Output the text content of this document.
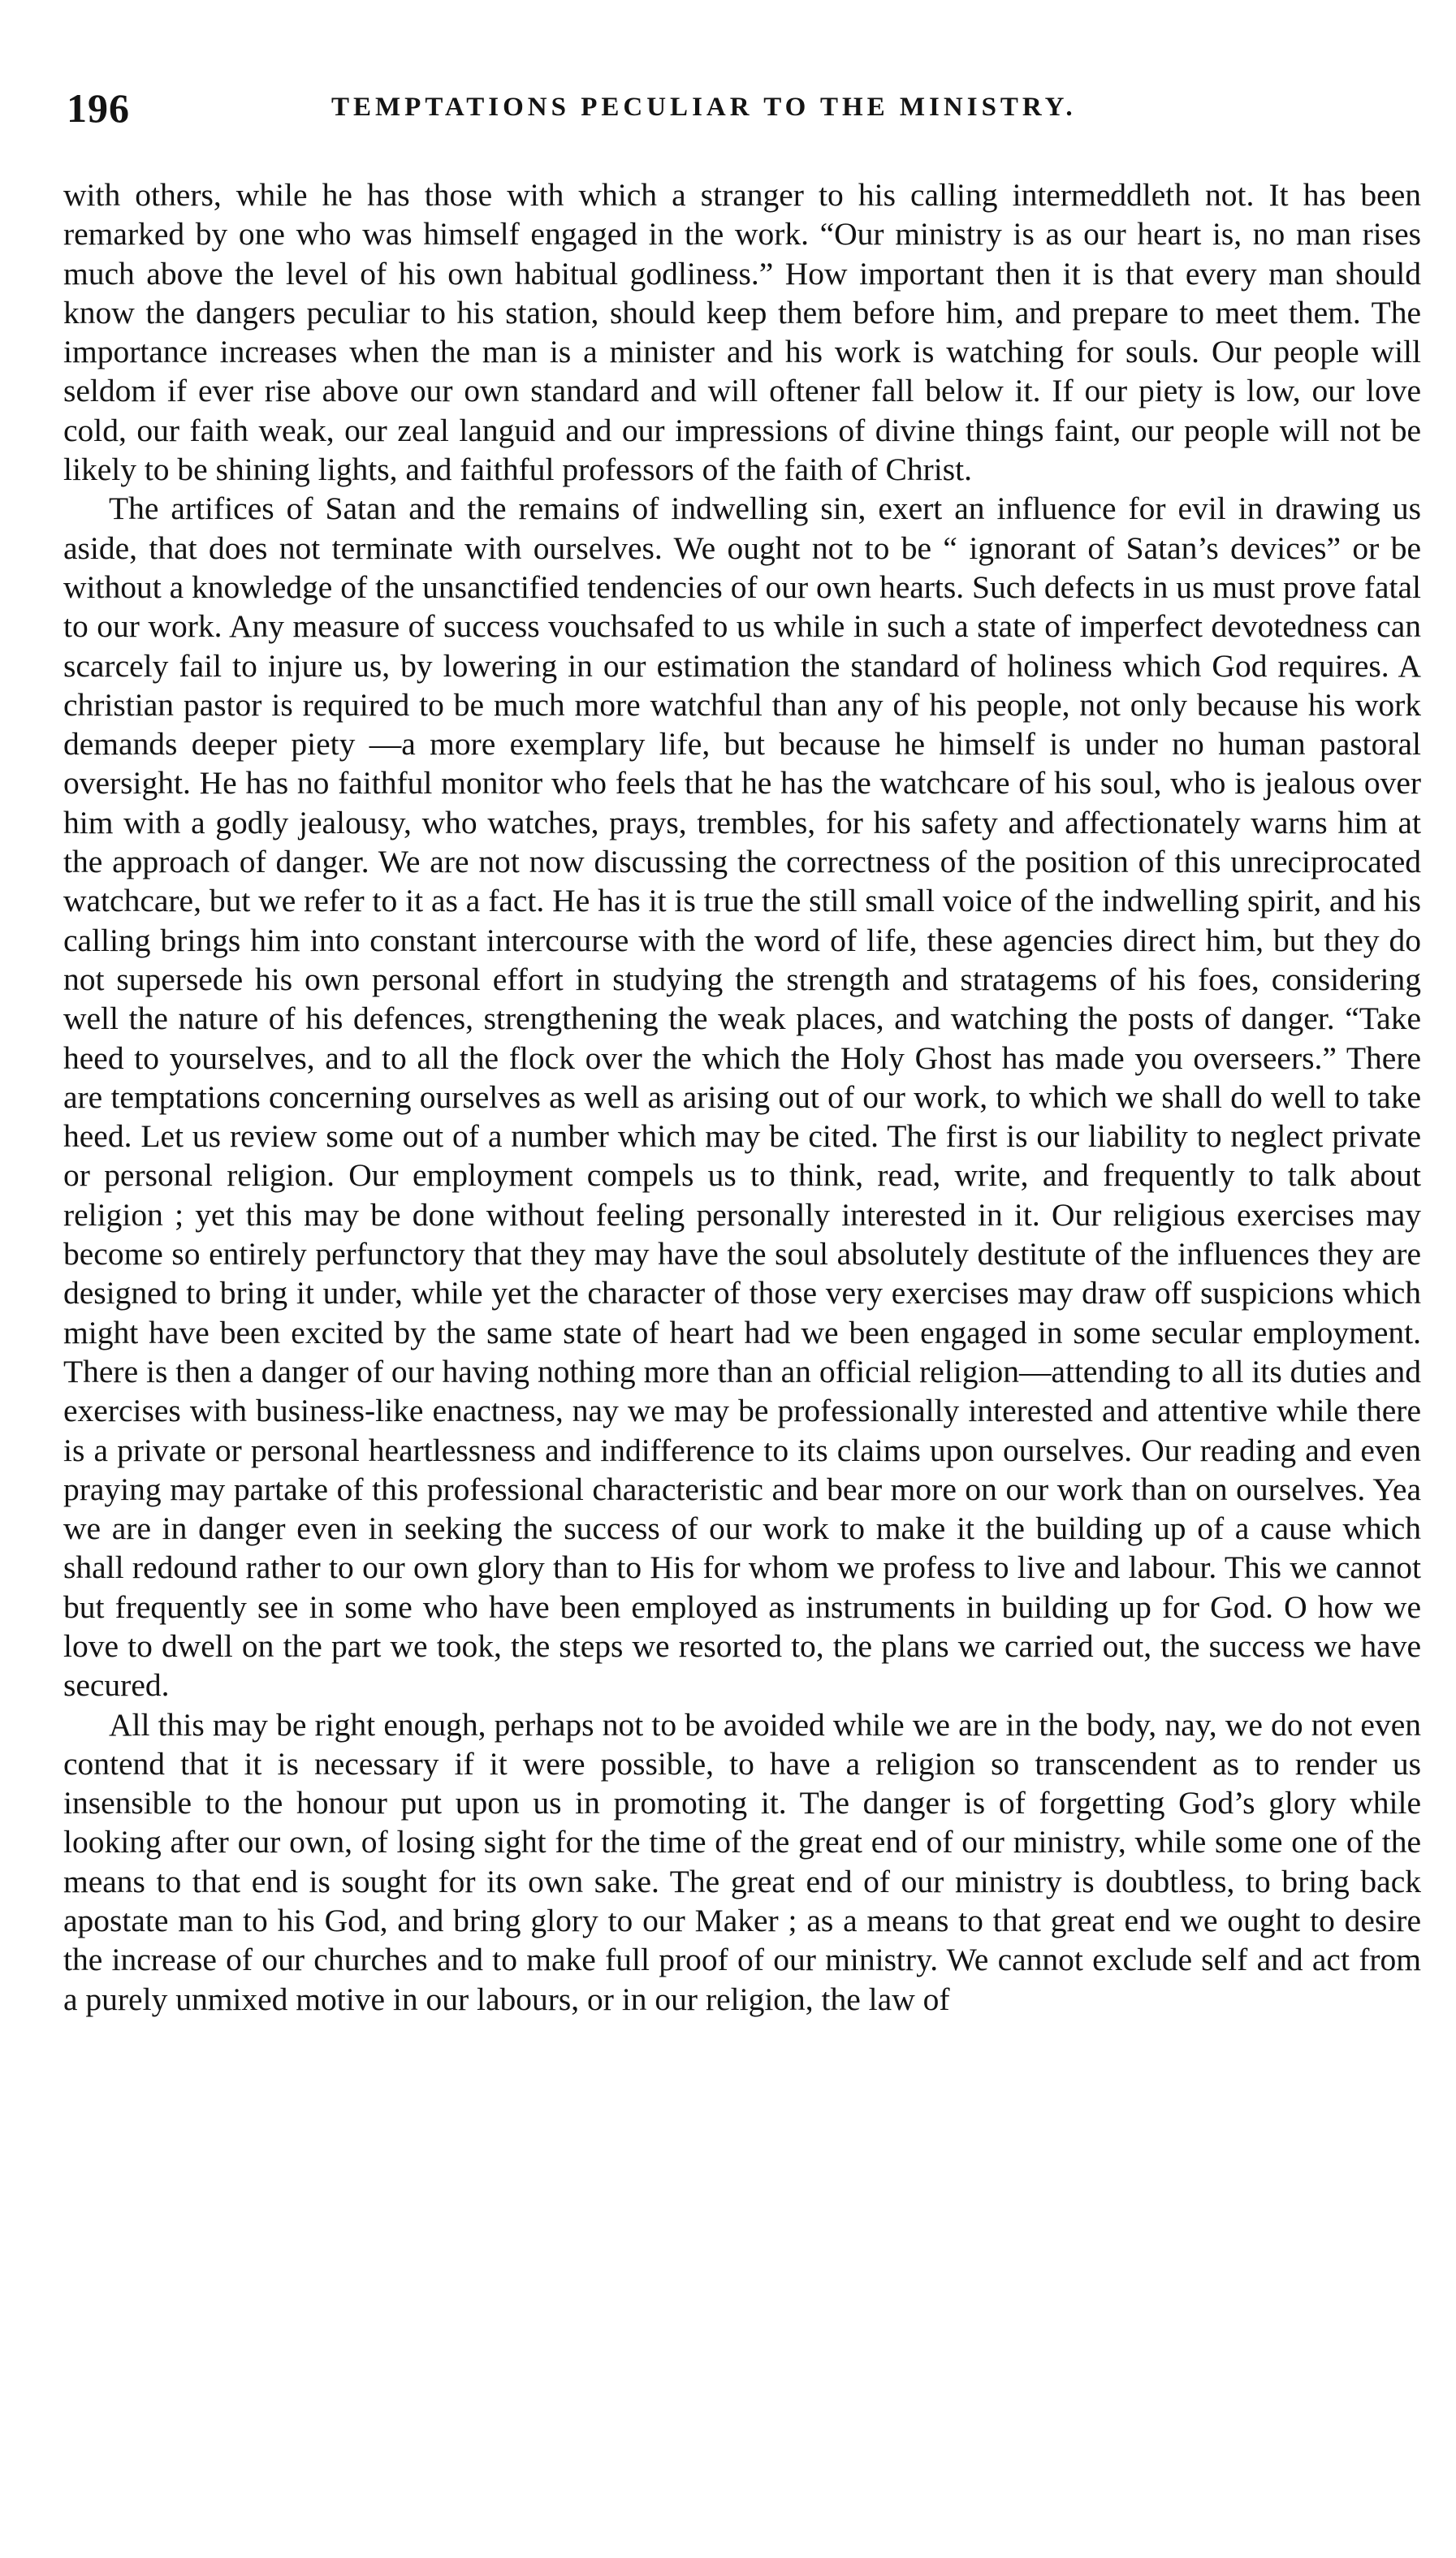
196	TEMPTATIONS PECULIAR TO THE MINISTRY.

with others, while he has those with which a stranger to his calling intermeddleth not. It has been remarked by one who was himself engaged in the work. “Our ministry is as our heart is, no man rises much above the level of his own habitual godliness.” How important then it is that every man should know the dangers peculiar to his station, should keep them before him, and prepare to meet them. The importance increases when the man is a minister and his work is watching for souls. Our people will seldom if ever rise above our own standard and will oftener fall below it. If our piety is low, our love cold, our faith weak, our zeal languid and our impressions of divine things faint, our people will not be likely to be shining lights, and faithful professors of the faith of Christ.

The artifices of Satan and the remains of indwelling sin, exert an influence for evil in drawing us aside, that does not terminate with ourselves. We ought not to be “ ignorant of Satan’s devices” or be without a knowledge of the unsanctified tendencies of our own hearts. Such defects in us must prove fatal to our work. Any measure of success vouchsafed to us while in such a state of imperfect devotedness can scarcely fail to injure us, by lowering in our estimation the standard of holiness which God requires. A christian pastor is required to be much more watchful than any of his people, not only because his work demands deeper piety —a more exemplary life, but because he himself is under no human pastoral oversight. He has no faithful monitor who feels that he has the watchcare of his soul, who is jealous over him with a godly jealousy, who watches, prays, trembles, for his safety and affectionately warns him at the approach of danger. We are not now discussing the correctness of the position of this unreciprocated watchcare, but we refer to it as a fact. He has it is true the still small voice of the indwelling spirit, and his calling brings him into constant intercourse with the word of life, these agencies direct him, but they do not supersede his own personal effort in studying the strength and stratagems of his foes, considering well the nature of his defences, strengthening the weak places, and watching the posts of danger. “Take heed to yourselves, and to all the flock over the which the Holy Ghost has made you overseers.” There are temptations concerning ourselves as well as arising out of our work, to which we shall do well to take heed. Let us review some out of a number which may be cited. The first is our liability to neglect private or personal religion. Our employment compels us to think, read, write, and frequently to talk about religion ; yet this may be done without feeling personally interested in it. Our religious exercises may become so entirely perfunctory that they may have the soul absolutely destitute of the influences they are designed to bring it under, while yet the character of those very exercises may draw off suspicions which might have been excited by the same state of heart had we been engaged in some secular employment. There is then a danger of our having nothing more than an official religion—attending to all its duties and exercises with business-like enactness, nay we may be professionally interested and attentive while there is a private or personal heartlessness and indifference to its claims upon ourselves. Our reading and even praying may partake of this professional characteristic and bear more on our work than on ourselves. Yea we are in danger even in seeking the success of our work to make it the building up of a cause which shall redound rather to our own glory than to His for whom we profess to live and labour. This we cannot but frequently see in some who have been employed as instruments in building up for God. O how we love to dwell on the part we took, the steps we resorted to, the plans we carried out, the success we have secured.

All this may be right enough, perhaps not to be avoided while we are in the body, nay, we do not even contend that it is necessary if it were possible, to have a religion so transcendent as to render us insensible to the honour put upon us in promoting it. The danger is of forgetting God’s glory while looking after our own, of losing sight for the time of the great end of our ministry, while some one of the means to that end is sought for its own sake. The great end of our ministry is doubtless, to bring back apostate man to his God, and bring glory to our Maker ; as a means to that great end we ought to desire the increase of our churches and to make full proof of our ministry. We cannot exclude self and act from a purely unmixed motive in our labours, or in our religion, the law of
